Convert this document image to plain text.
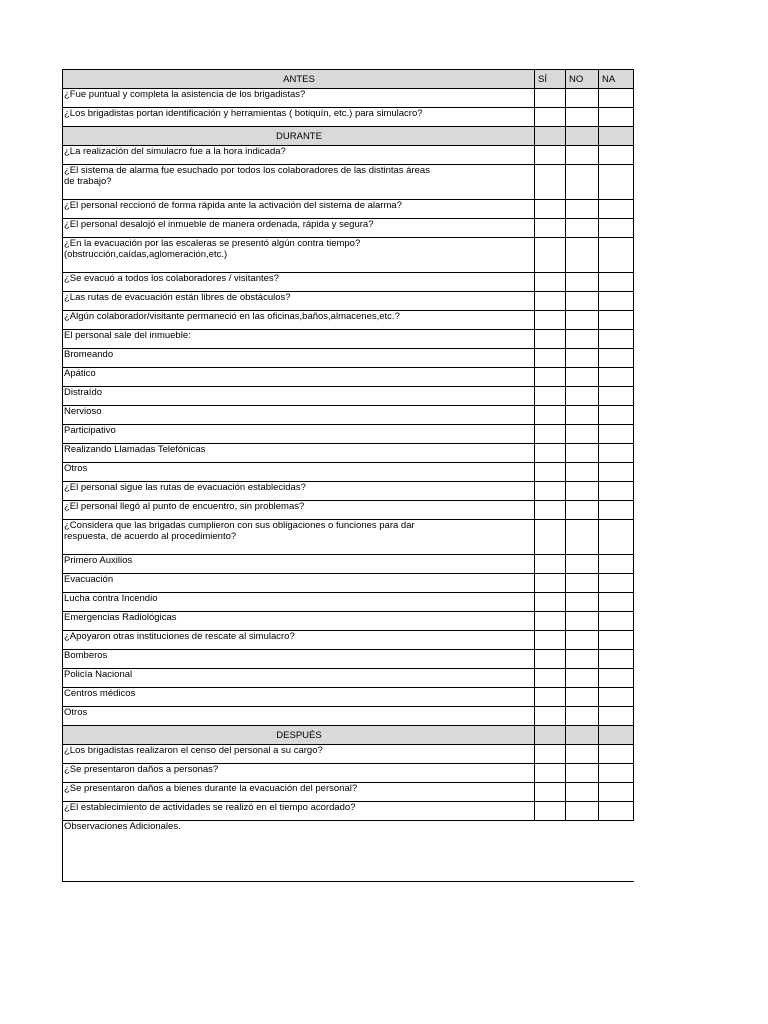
ANTES	SÍ	NO	NA
¿Fue puntual y completa la asistencia de los brigadistas?			
¿Los brigadistas portan identificación y herramientas ( botiquín, etc.) para simulacro?			
DURANTE			
¿La realización del simulacro fue a la hora indicada?			
¿El sistema de alarma fue esuchado por todos los colaboradores de las distintas áreas
de trabajo?			
¿El personal reccionó de forma rápida ante la activación del sistema de alarma?			
¿El personal desalojó el inmueble de manera ordenada, rápida y segura?			
¿En la evacuación por las escaleras se presentó algún contra tiempo?
(obstrucción,caídas,aglomeración,etc.)			
¿Se evacuó a todos los colaboradores / visitantes?			
¿Las rutas de evacuación están libres de obstáculos?			
¿Algún colaborador/visitante permaneció en las oficinas,baños,almacenes,etc.?			
El personal sale del inmueble:			
Bromeando			
Apático			
Distraído			
Nervioso			
Participativo			
Realizando Llamadas Telefónicas			
Otros			
¿El personal sigue las rutas de evacuación establecidas?			
¿El personal llegó al punto de encuentro, sin problemas?			
¿Considera que las brigadas cumplieron con sus obligaciones o funciones para dar
respuesta, de acuerdo al procedimiento?			
Primero Auxilios			
Evacuación			
Lucha contra Incendio			
Emergencias Radiológicas			
¿Apoyaron otras instituciones de rescate al simulacro?			
Bomberos			
Policía Nacional			
Centros médicos			
Otros			
DESPUÉS			
¿Los brigadistas realizaron el censo del personal a su cargo?			
¿Se presentaron daños a personas?			
¿Se presentaron daños a bienes durante la evacuación del personal?			
¿El establecimiento de actividades se realizó en el tiempo acordado?			
Observaciones Adicionales.			
